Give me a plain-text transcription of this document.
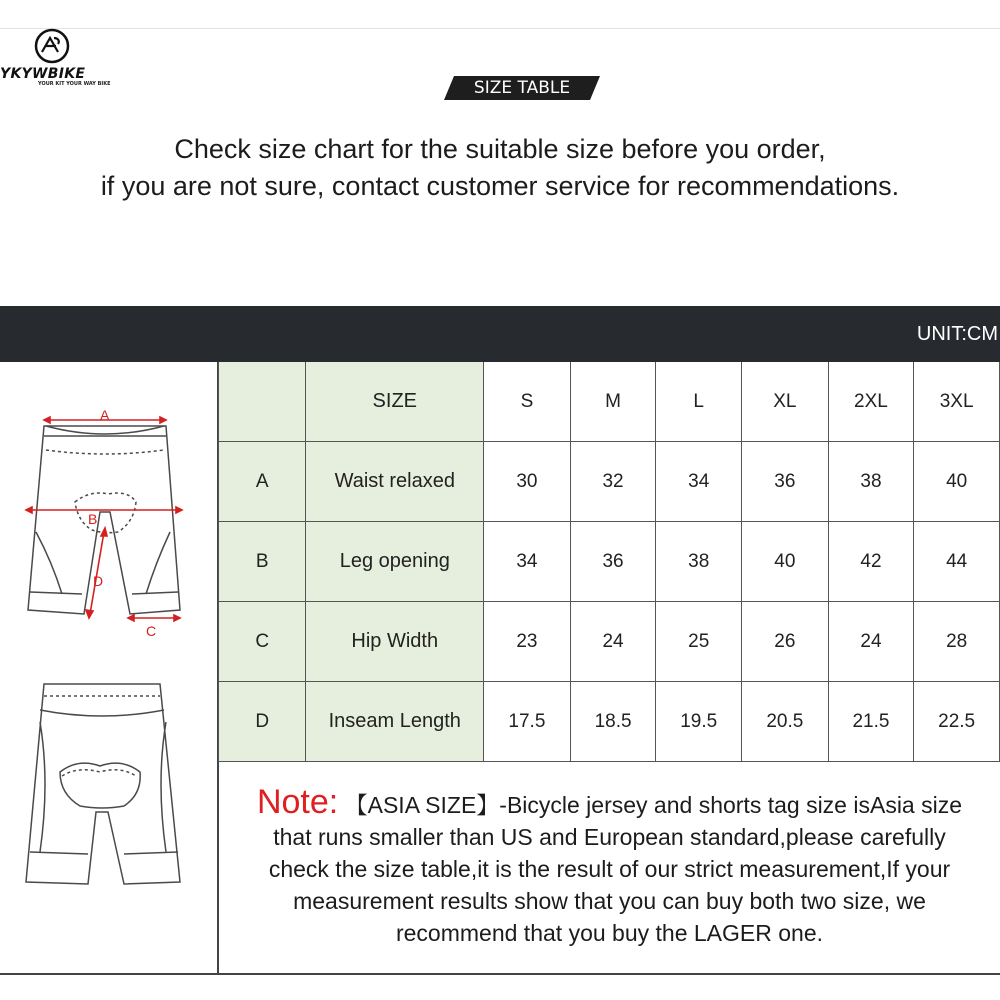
YKYWBIKE
YOUR KIT YOUR WAY BIKE	SIZE TABLE
Check size chart for the suitable size before you order,
if you are not sure, contact customer service for recommendations.
UNIT:CM
A
B
D
C
	SIZE	S	M	L	XL	2XL	3XL
A	Waist relaxed	30	32	34	36	38	40
B	Leg opening	34	36	38	40	42	44
C	Hip Width	23	24	25	26	24	28
D	Inseam Length	17.5	18.5	19.5	20.5	21.5	22.5
Note: 【ASIA SIZE】-Bicycle jersey and shorts tag size isAsia size
that runs smaller than US and European standard,please carefully
check the size table,it is the result of our strict measurement,If your
measurement results show that you can buy both two size, we
recommend that you buy the LAGER one.
